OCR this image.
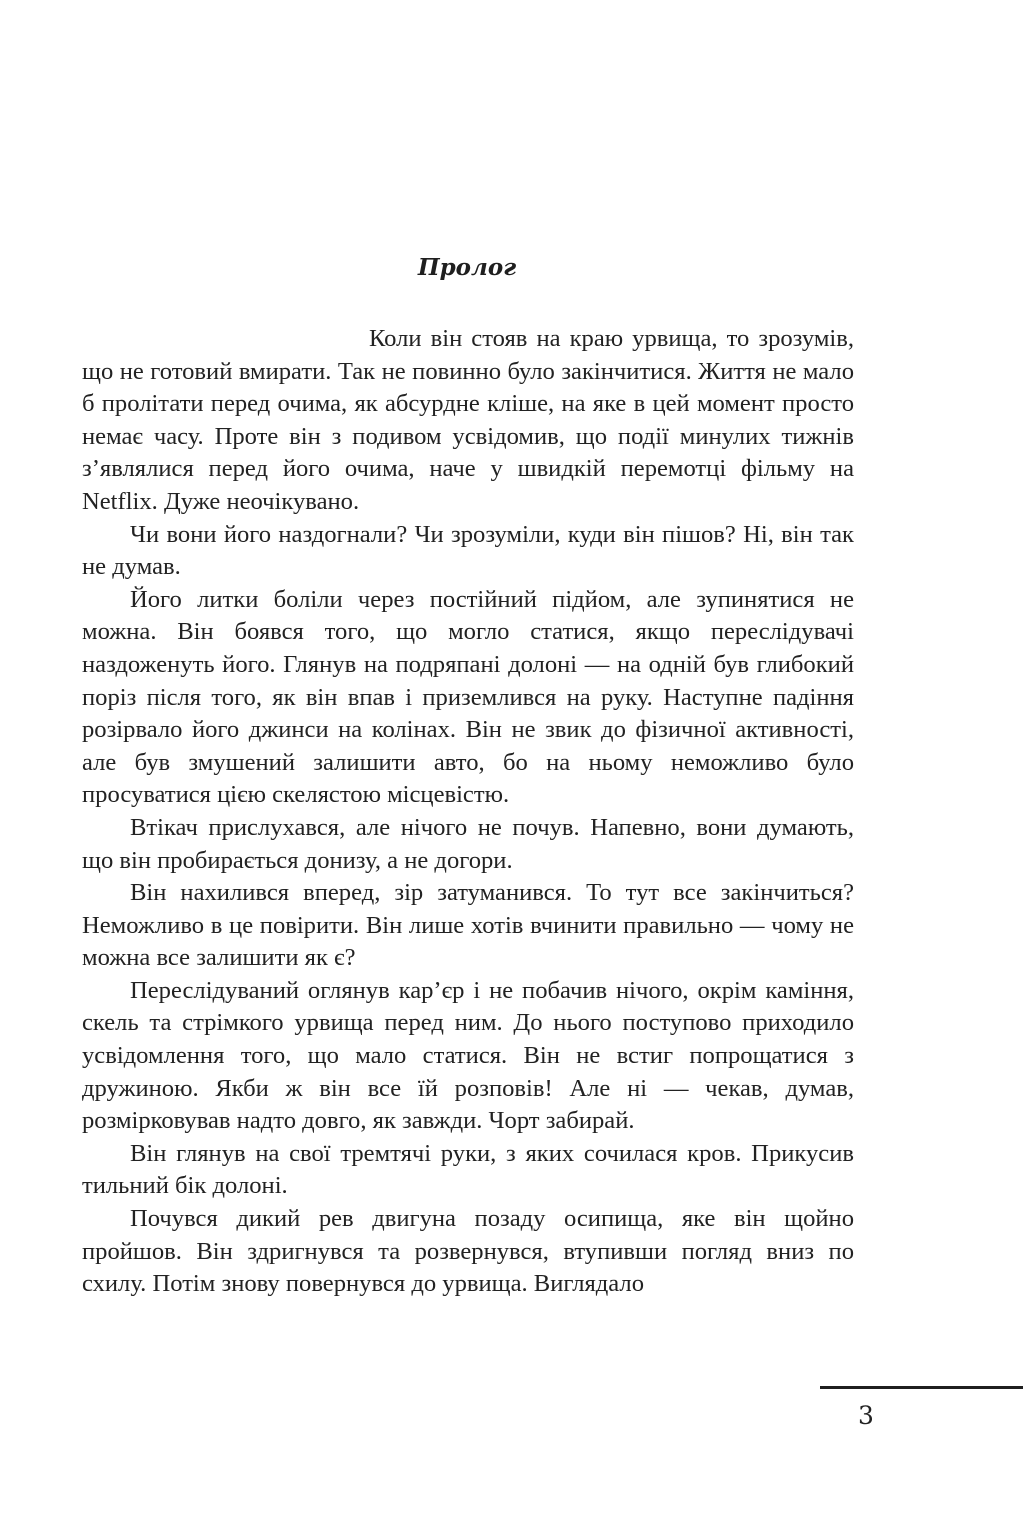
Пролог

Коли він стояв на краю урвища, то зрозумів, що не готовий вмирати. Так не повинно було закінчитися. Життя не мало б пролітати перед очима, як абсурдне кліше, на яке в цей момент просто немає часу. Проте він з подивом усвідомив, що події минулих тижнів з’являлися перед його очима, наче у швидкій перемотці фільму на Netflix. Дуже неочікувано.

Чи вони його наздогнали? Чи зрозуміли, куди він пішов? Ні, він так не думав.

Його литки боліли через постійний підйом, але зупинятися не можна. Він боявся того, що могло статися, якщо переслідувачі наздоженуть його. Глянув на подряпані долоні — на одній був глибокий поріз після того, як він впав і приземлився на руку. Наступне падіння розірвало його джинси на колінах. Він не звик до фізичної активності, але був змушений залишити авто, бо на ньому неможливо було просуватися цією скелястою місцевістю.

Втікач прислухався, але нічого не почув. Напевно, вони думають, що він пробирається донизу, а не догори.

Він нахилився вперед, зір затуманився. То тут все закінчиться? Неможливо в це повірити. Він лише хотів вчинити правильно — чому не можна все залишити як є?

Переслідуваний оглянув кар’єр і не побачив нічого, окрім каміння, скель та стрімкого урвища перед ним. До нього поступово приходило усвідомлення того, що мало статися. Він не встиг попрощатися з дружиною. Якби ж він все їй розповів! Але ні — чекав, думав, розмірковував надто довго, як завжди. Чорт забирай.

Він глянув на свої тремтячі руки, з яких сочилася кров. Прикусив тильний бік долоні.

Почувся дикий рев двигуна позаду осипища, яке він щойно пройшов. Він здригнувся та розвернувся, втупивши погляд вниз по схилу. Потім знову повернувся до урвища. Виглядало

3
